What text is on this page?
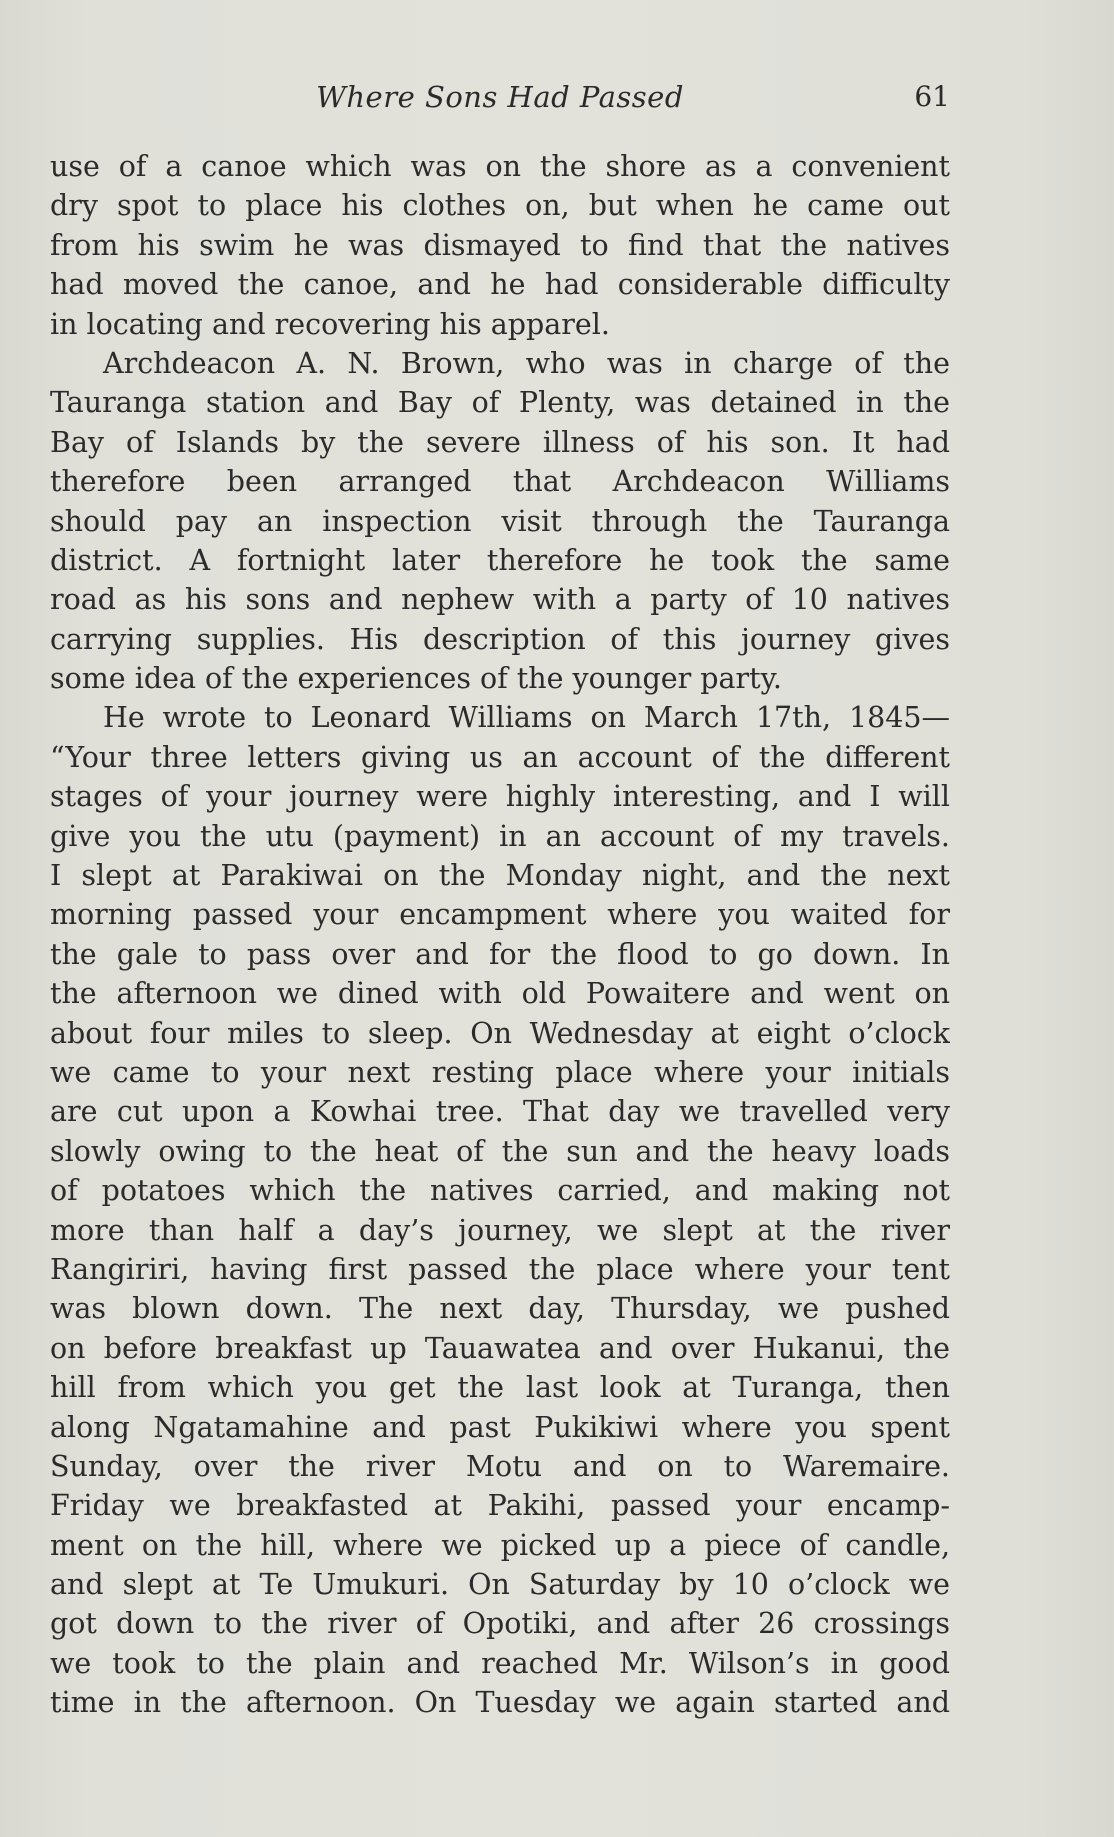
Where Sons Had Passed	61
use of a canoe which was on the shore as a convenient
dry spot to place his clothes on, but when he came out
from his swim he was dismayed to find that the natives
had moved the canoe, and he had considerable difficulty
in locating and recovering his apparel.
Archdeacon A. N. Brown, who was in charge of the
Tauranga station and Bay of Plenty, was detained in the
Bay of Islands by the severe illness of his son. It had
therefore been arranged that Archdeacon Williams
should pay an inspection visit through the Tauranga
district. A fortnight later therefore he took the same
road as his sons and nephew with a party of 10 natives
carrying supplies. His description of this journey gives
some idea of the experiences of the younger party.
He wrote to Leonard Williams on March 17th, 1845—
“Your three letters giving us an account of the different
stages of your journey were highly interesting, and I will
give you the utu (payment) in an account of my travels.
I slept at Parakiwai on the Monday night, and the next
morning passed your encampment where you waited for
the gale to pass over and for the flood to go down. In
the afternoon we dined with old Powaitere and went on
about four miles to sleep. On Wednesday at eight o’clock
we came to your next resting place where your initials
are cut upon a Kowhai tree. That day we travelled very
slowly owing to the heat of the sun and the heavy loads
of potatoes which the natives carried, and making not
more than half a day’s journey, we slept at the river
Rangiriri, having first passed the place where your tent
was blown down. The next day, Thursday, we pushed
on before breakfast up Tauawatea and over Hukanui, the
hill from which you get the last look at Turanga, then
along Ngatamahine and past Pukikiwi where you spent
Sunday, over the river Motu and on to Waremaire.
Friday we breakfasted at Pakihi, passed your encamp-
ment on the hill, where we picked up a piece of candle,
and slept at Te Umukuri. On Saturday by 10 o’clock we
got down to the river of Opotiki, and after 26 crossings
we took to the plain and reached Mr. Wilson’s in good
time in the afternoon. On Tuesday we again started and
